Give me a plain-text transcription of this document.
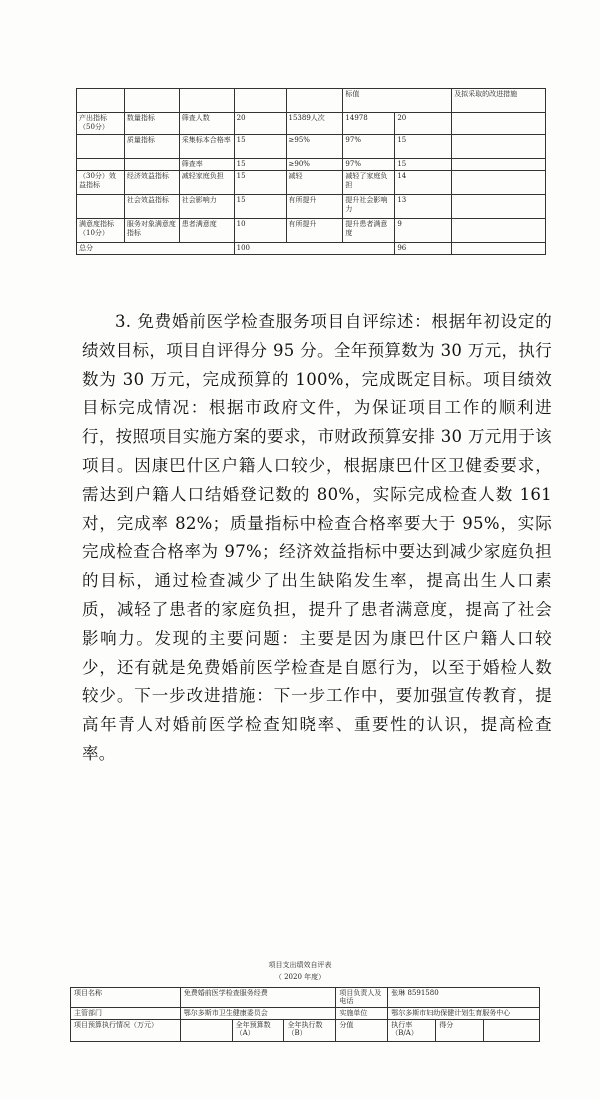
					标值		及拟采取的改进措施
产出指标（50分）	数量指标	筛查人数	20	15389人次	14978	20	
	质量指标	采集标本合格率	15	≥95%	97%	15	
		筛查率	15	≥90%	97%	15	
（30分）效益指标	经济效益指标	减轻家庭负担	15	减轻	减轻了家庭负担	14	
	社会效益指标	社会影响力	15	有所提升	提升社会影响力	13	
满意度指标（10分）	服务对象满意度指标	患者满意度	10	有所提升	提升患者满意度	9	
总分			100			96	

3. 免费婚前医学检查服务项目自评综述：根据年初设定的绩效目标，项目自评得分 95 分。全年预算数为 30 万元，执行数为 30 万元，完成预算的 100%，完成既定目标。项目绩效目标完成情况：根据市政府文件，为保证项目工作的顺利进行，按照项目实施方案的要求，市财政预算安排 30 万元用于该项目。因康巴什区户籍人口较少，根据康巴什区卫健委要求，需达到户籍人口结婚登记数的 80%，实际完成检查人数 161 对，完成率 82%；质量指标中检查合格率要大于 95%，实际完成检查合格率为 97%；经济效益指标中要达到减少家庭负担的目标，通过检查减少了出生缺陷发生率，提高出生人口素质，减轻了患者的家庭负担，提升了患者满意度，提高了社会影响力。发现的主要问题：主要是因为康巴什区户籍人口较少，还有就是免费婚前医学检查是自愿行为，以至于婚检人数较少。下一步改进措施：下一步工作中，要加强宣传教育，提高年青人对婚前医学检查知晓率、重要性的认识，提高检查率。

项目支出绩效自评表
（ 2020 年度）
项目名称	免费婚前医学检查服务经费			项目负责人及电话	张琳 8591580		
主管部门	鄂尔多斯市卫生健康委员会			实施单位	鄂尔多斯市妇幼保健计划生育服务中心		
项目预算执行情况（万元）		全年预算数（A）	全年执行数（B）	分值	执行率（B/A）	得分	
